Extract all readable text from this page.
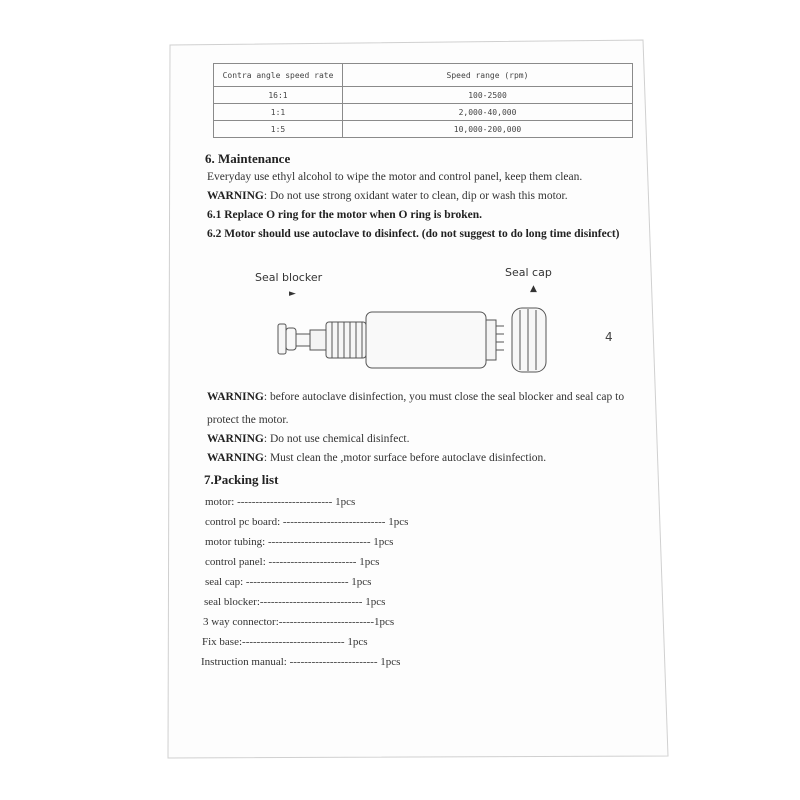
Contra angle speed rate	Speed range (rpm)
16:1	100-2500
1:1	2,000-40,000
1:5	10,000-200,000
6. Maintenance
Everyday use ethyl alcohol to wipe the motor and control panel, keep them clean.
WARNING: Do not use strong oxidant water to clean, dip or wash this motor.
6.1 Replace O ring for the motor when O ring is broken.
6.2 Motor should use autoclave to disinfect. (do not suggest to do long time disinfect)
Seal blocker
►
Seal cap
▲
4
WARNING: before autoclave disinfection, you must close the seal blocker and seal cap to
protect the motor.
WARNING: Do not use chemical disinfect.
WARNING: Must clean the ,motor surface before autoclave disinfection.
7.Packing list
motor: -------------------------- 1pcs
control pc board: ---------------------------- 1pcs
motor tubing: ---------------------------- 1pcs
control panel: ------------------------ 1pcs
seal cap: ---------------------------- 1pcs
seal blocker:---------------------------- 1pcs
3 way connector:--------------------------1pcs
Fix base:---------------------------- 1pcs
Instruction manual: ------------------------ 1pcs
